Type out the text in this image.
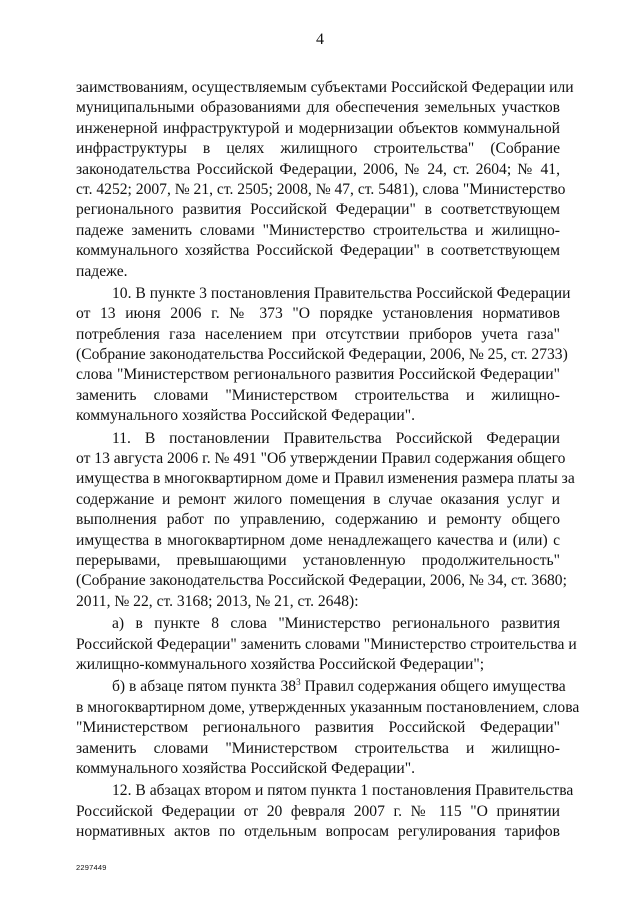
4
заимствованиям, осуществляемым субъектами Российской Федерации или
муниципальными образованиями для обеспечения земельных участков
инженерной инфраструктурой и модернизации объектов коммунальной
инфраструктуры в целях жилищного строительства" (Собрание
законодательства Российской Федерации, 2006, № 24, ст. 2604; № 41,
ст. 4252; 2007, № 21, ст. 2505; 2008, № 47, ст. 5481), слова "Министерство
регионального развития Российской Федерации" в соответствующем
падеже заменить словами "Министерство строительства и жилищно-
коммунального хозяйства Российской Федерации" в соответствующем
падеже.
10. В пункте 3 постановления Правительства Российской Федерации
от 13 июня 2006 г. № 373 "О порядке установления нормативов
потребления газа населением при отсутствии приборов учета газа"
(Собрание законодательства Российской Федерации, 2006, № 25, ст. 2733)
слова "Министерством регионального развития Российской Федерации"
заменить словами "Министерством строительства и жилищно-
коммунального хозяйства Российской Федерации".
11. В постановлении Правительства Российской Федерации
от 13 августа 2006 г. № 491 "Об утверждении Правил содержания общего
имущества в многоквартирном доме и Правил изменения размера платы за
содержание и ремонт жилого помещения в случае оказания услуг и
выполнения работ по управлению, содержанию и ремонту общего
имущества в многоквартирном доме ненадлежащего качества и (или) с
перерывами, превышающими установленную продолжительность"
(Собрание законодательства Российской Федерации, 2006, № 34, ст. 3680;
2011, № 22, ст. 3168; 2013, № 21, ст. 2648):
а) в пункте 8 слова "Министерство регионального развития
Российской Федерации" заменить словами "Министерство строительства и
жилищно-коммунального хозяйства Российской Федерации";
б) в абзаце пятом пункта $38^3$ Правил содержания общего имущества
в многоквартирном доме, утвержденных указанным постановлением, слова
"Министерством регионального развития Российской Федерации"
заменить словами "Министерством строительства и жилищно-
коммунального хозяйства Российской Федерации".
12. В абзацах втором и пятом пункта 1 постановления Правительства
Российской Федерации от 20 февраля 2007 г. № 115 "О принятии
нормативных актов по отдельным вопросам регулирования тарифов
2297449
